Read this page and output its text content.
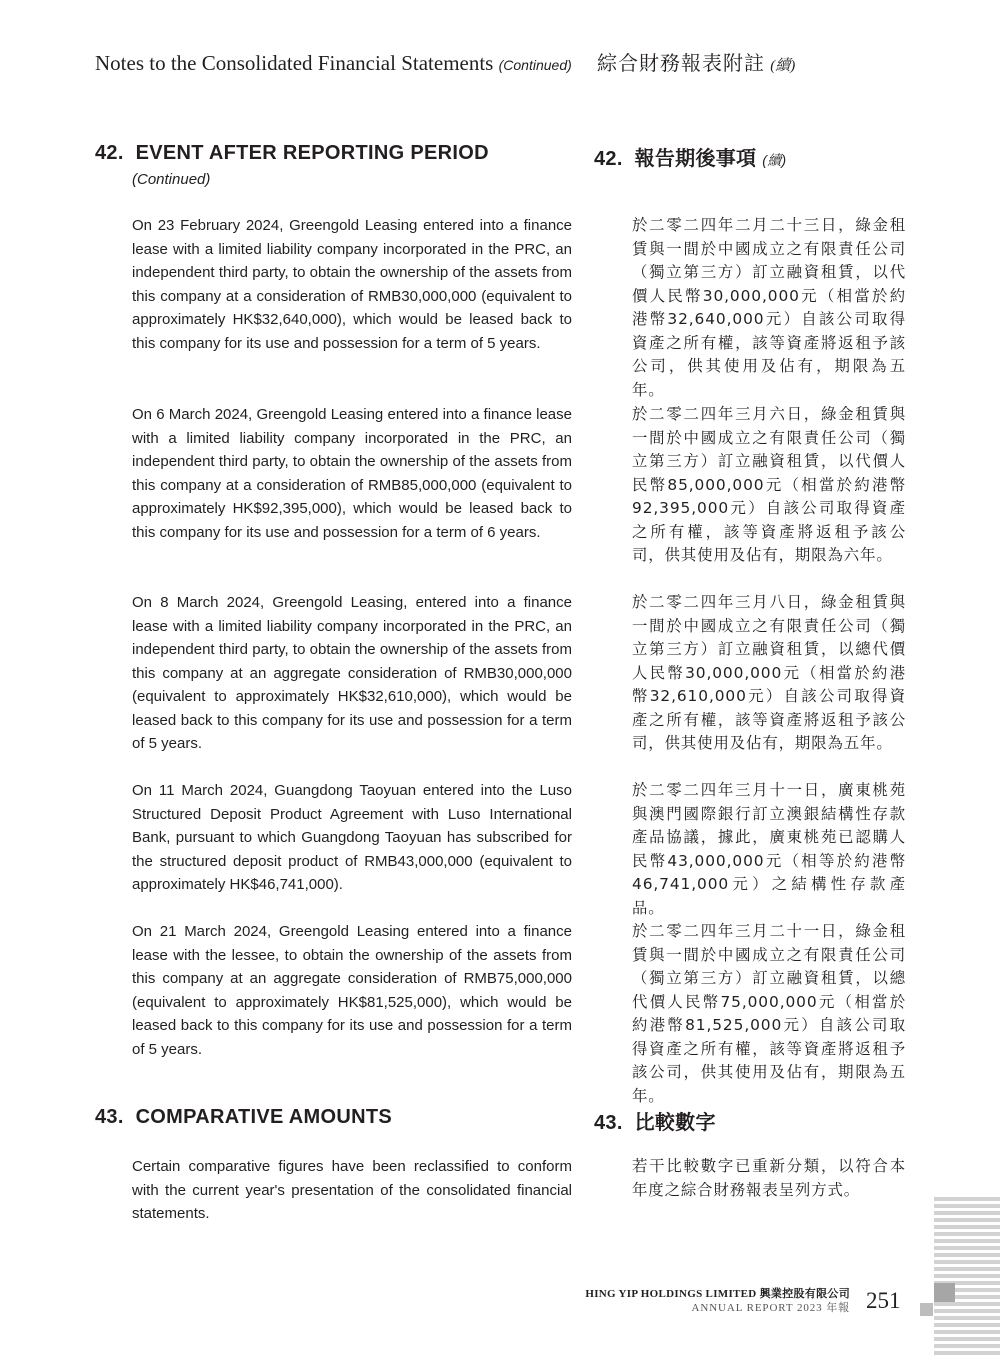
Notes to the Consolidated Financial Statements (Continued) 綜合財務報表附註 (續)
42. EVENT AFTER REPORTING PERIOD
(Continued)
42. 報告期後事項 (續)

On 23 February 2024, Greengold Leasing entered into a finance lease with a limited liability company incorporated in the PRC, an independent third party, to obtain the ownership of the assets from this company at a consideration of RMB30,000,000 (equivalent to approximately HK$32,640,000), which would be leased back to this company for its use and possession for a term of 5 years.

On 6 March 2024, Greengold Leasing entered into a finance lease with a limited liability company incorporated in the PRC, an independent third party, to obtain the ownership of the assets from this company at a consideration of RMB85,000,000 (equivalent to approximately HK$92,395,000), which would be leased back to this company for its use and possession for a term of 6 years.

On 8 March 2024, Greengold Leasing, entered into a finance lease with a limited liability company incorporated in the PRC, an independent third party, to obtain the ownership of the assets from this company at an aggregate consideration of RMB30,000,000 (equivalent to approximately HK$32,610,000), which would be leased back to this company for its use and possession for a term of 5 years.

On 11 March 2024, Guangdong Taoyuan entered into the Luso Structured Deposit Product Agreement with Luso International Bank, pursuant to which Guangdong Taoyuan has subscribed for the structured deposit product of RMB43,000,000 (equivalent to approximately HK$46,741,000).

On 21 March 2024, Greengold Leasing entered into a finance lease with the lessee, to obtain the ownership of the assets from this company at an aggregate consideration of RMB75,000,000 (equivalent to approximately HK$81,525,000), which would be leased back to this company for its use and possession for a term of 5 years.

於二零二四年二月二十三日，綠金租賃與一間於中國成立之有限責任公司（獨立第三方）訂立融資租賃，以代價人民幣30,000,000元（相當於約港幣32,640,000元）自該公司取得資產之所有權，該等資產將返租予該公司，供其使用及佔有，期限為五年。

於二零二四年三月六日，綠金租賃與一間於中國成立之有限責任公司（獨立第三方）訂立融資租賃，以代價人民幣85,000,000元（相當於約港幣92,395,000元）自該公司取得資產之所有權，該等資產將返租予該公司，供其使用及佔有，期限為六年。

於二零二四年三月八日，綠金租賃與一間於中國成立之有限責任公司（獨立第三方）訂立融資租賃，以總代價人民幣30,000,000元（相當於約港幣32,610,000元）自該公司取得資產之所有權，該等資產將返租予該公司，供其使用及佔有，期限為五年。

於二零二四年三月十一日，廣東桃苑與澳門國際銀行訂立澳銀結構性存款產品協議，據此，廣東桃苑已認購人民幣43,000,000元（相等於約港幣46,741,000元）之結構性存款產品。

於二零二四年三月二十一日，綠金租賃與一間於中國成立之有限責任公司（獨立第三方）訂立融資租賃，以總代價人民幣75,000,000元（相當於約港幣81,525,000元）自該公司取得資產之所有權，該等資產將返租予該公司，供其使用及佔有，期限為五年。

43. COMPARATIVE AMOUNTS	43. 比較數字

Certain comparative figures have been reclassified to conform with the current year's presentation of the consolidated financial statements.

若干比較數字已重新分類，以符合本年度之綜合財務報表呈列方式。

HING YIP HOLDINGS LIMITED 興業控股有限公司
ANNUAL REPORT 2023 年報 251
